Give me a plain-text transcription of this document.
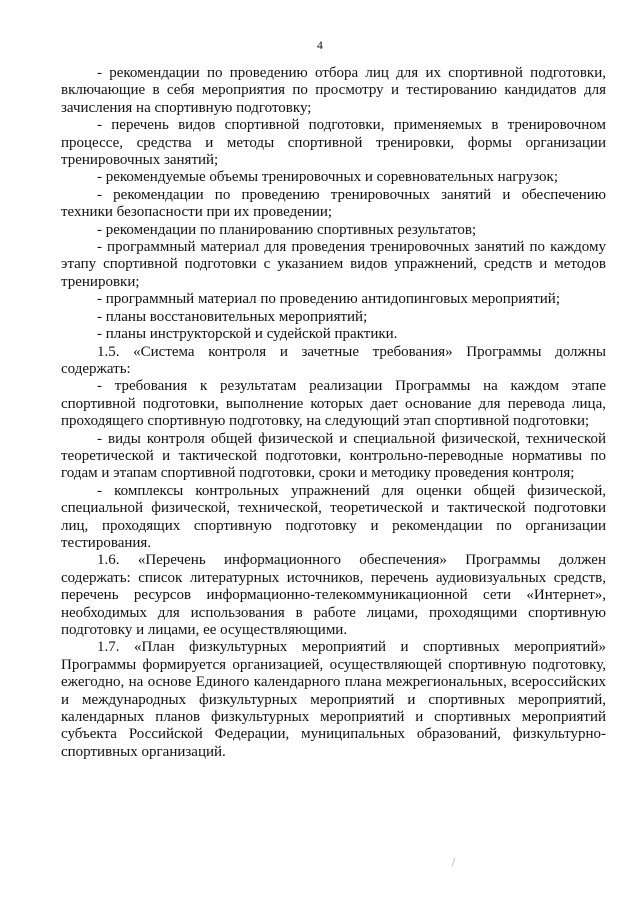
4

- рекомендации по проведению отбора лиц для их спортивной подготовки, включающие в себя мероприятия по просмотру и тестированию кандидатов для зачисления на спортивную подготовку;

- перечень видов спортивной подготовки, применяемых в тренировочном процессе, средства и методы спортивной тренировки, формы организации тренировочных занятий;

- рекомендуемые объемы тренировочных и соревновательных нагрузок;

- рекомендации по проведению тренировочных занятий и обеспечению техники безопасности при их проведении;

- рекомендации по планированию спортивных результатов;

- программный материал для проведения тренировочных занятий по каждому этапу спортивной подготовки с указанием видов упражнений, средств и методов тренировки;

- программный материал по проведению антидопинговых мероприятий;

- планы восстановительных мероприятий;

- планы инструкторской и судейской практики.

1.5. «Система контроля и зачетные требования» Программы должны содержать:

- требования к результатам реализации Программы на каждом этапе спортивной подготовки, выполнение которых дает основание для перевода лица, проходящего спортивную подготовку, на следующий этап спортивной подготовки;

- виды контроля общей физической и специальной физической, технической теоретической и тактической подготовки, контрольно-переводные нормативы по годам и этапам спортивной подготовки, сроки и методику проведения контроля;

- комплексы контрольных упражнений для оценки общей физической, специальной физической, технической, теоретической и тактической подготовки лиц, проходящих спортивную подготовку и рекомендации по организации тестирования.

1.6. «Перечень информационного обеспечения» Программы должен содержать: список литературных источников, перечень аудиовизуальных средств, перечень ресурсов информационно-телекоммуникационной сети «Интернет», необходимых для использования в работе лицами, проходящими спортивную подготовку и лицами, ее осуществляющими.

1.7. «План физкультурных мероприятий и спортивных мероприятий» Программы формируется организацией, осуществляющей спортивную подготовку, ежегодно, на основе Единого календарного плана межрегиональных, всероссийских и международных физкультурных мероприятий и спортивных мероприятий, календарных планов физкультурных мероприятий и спортивных мероприятий субъекта Российской Федерации, муниципальных образований, физкультурно-спортивных организаций.
